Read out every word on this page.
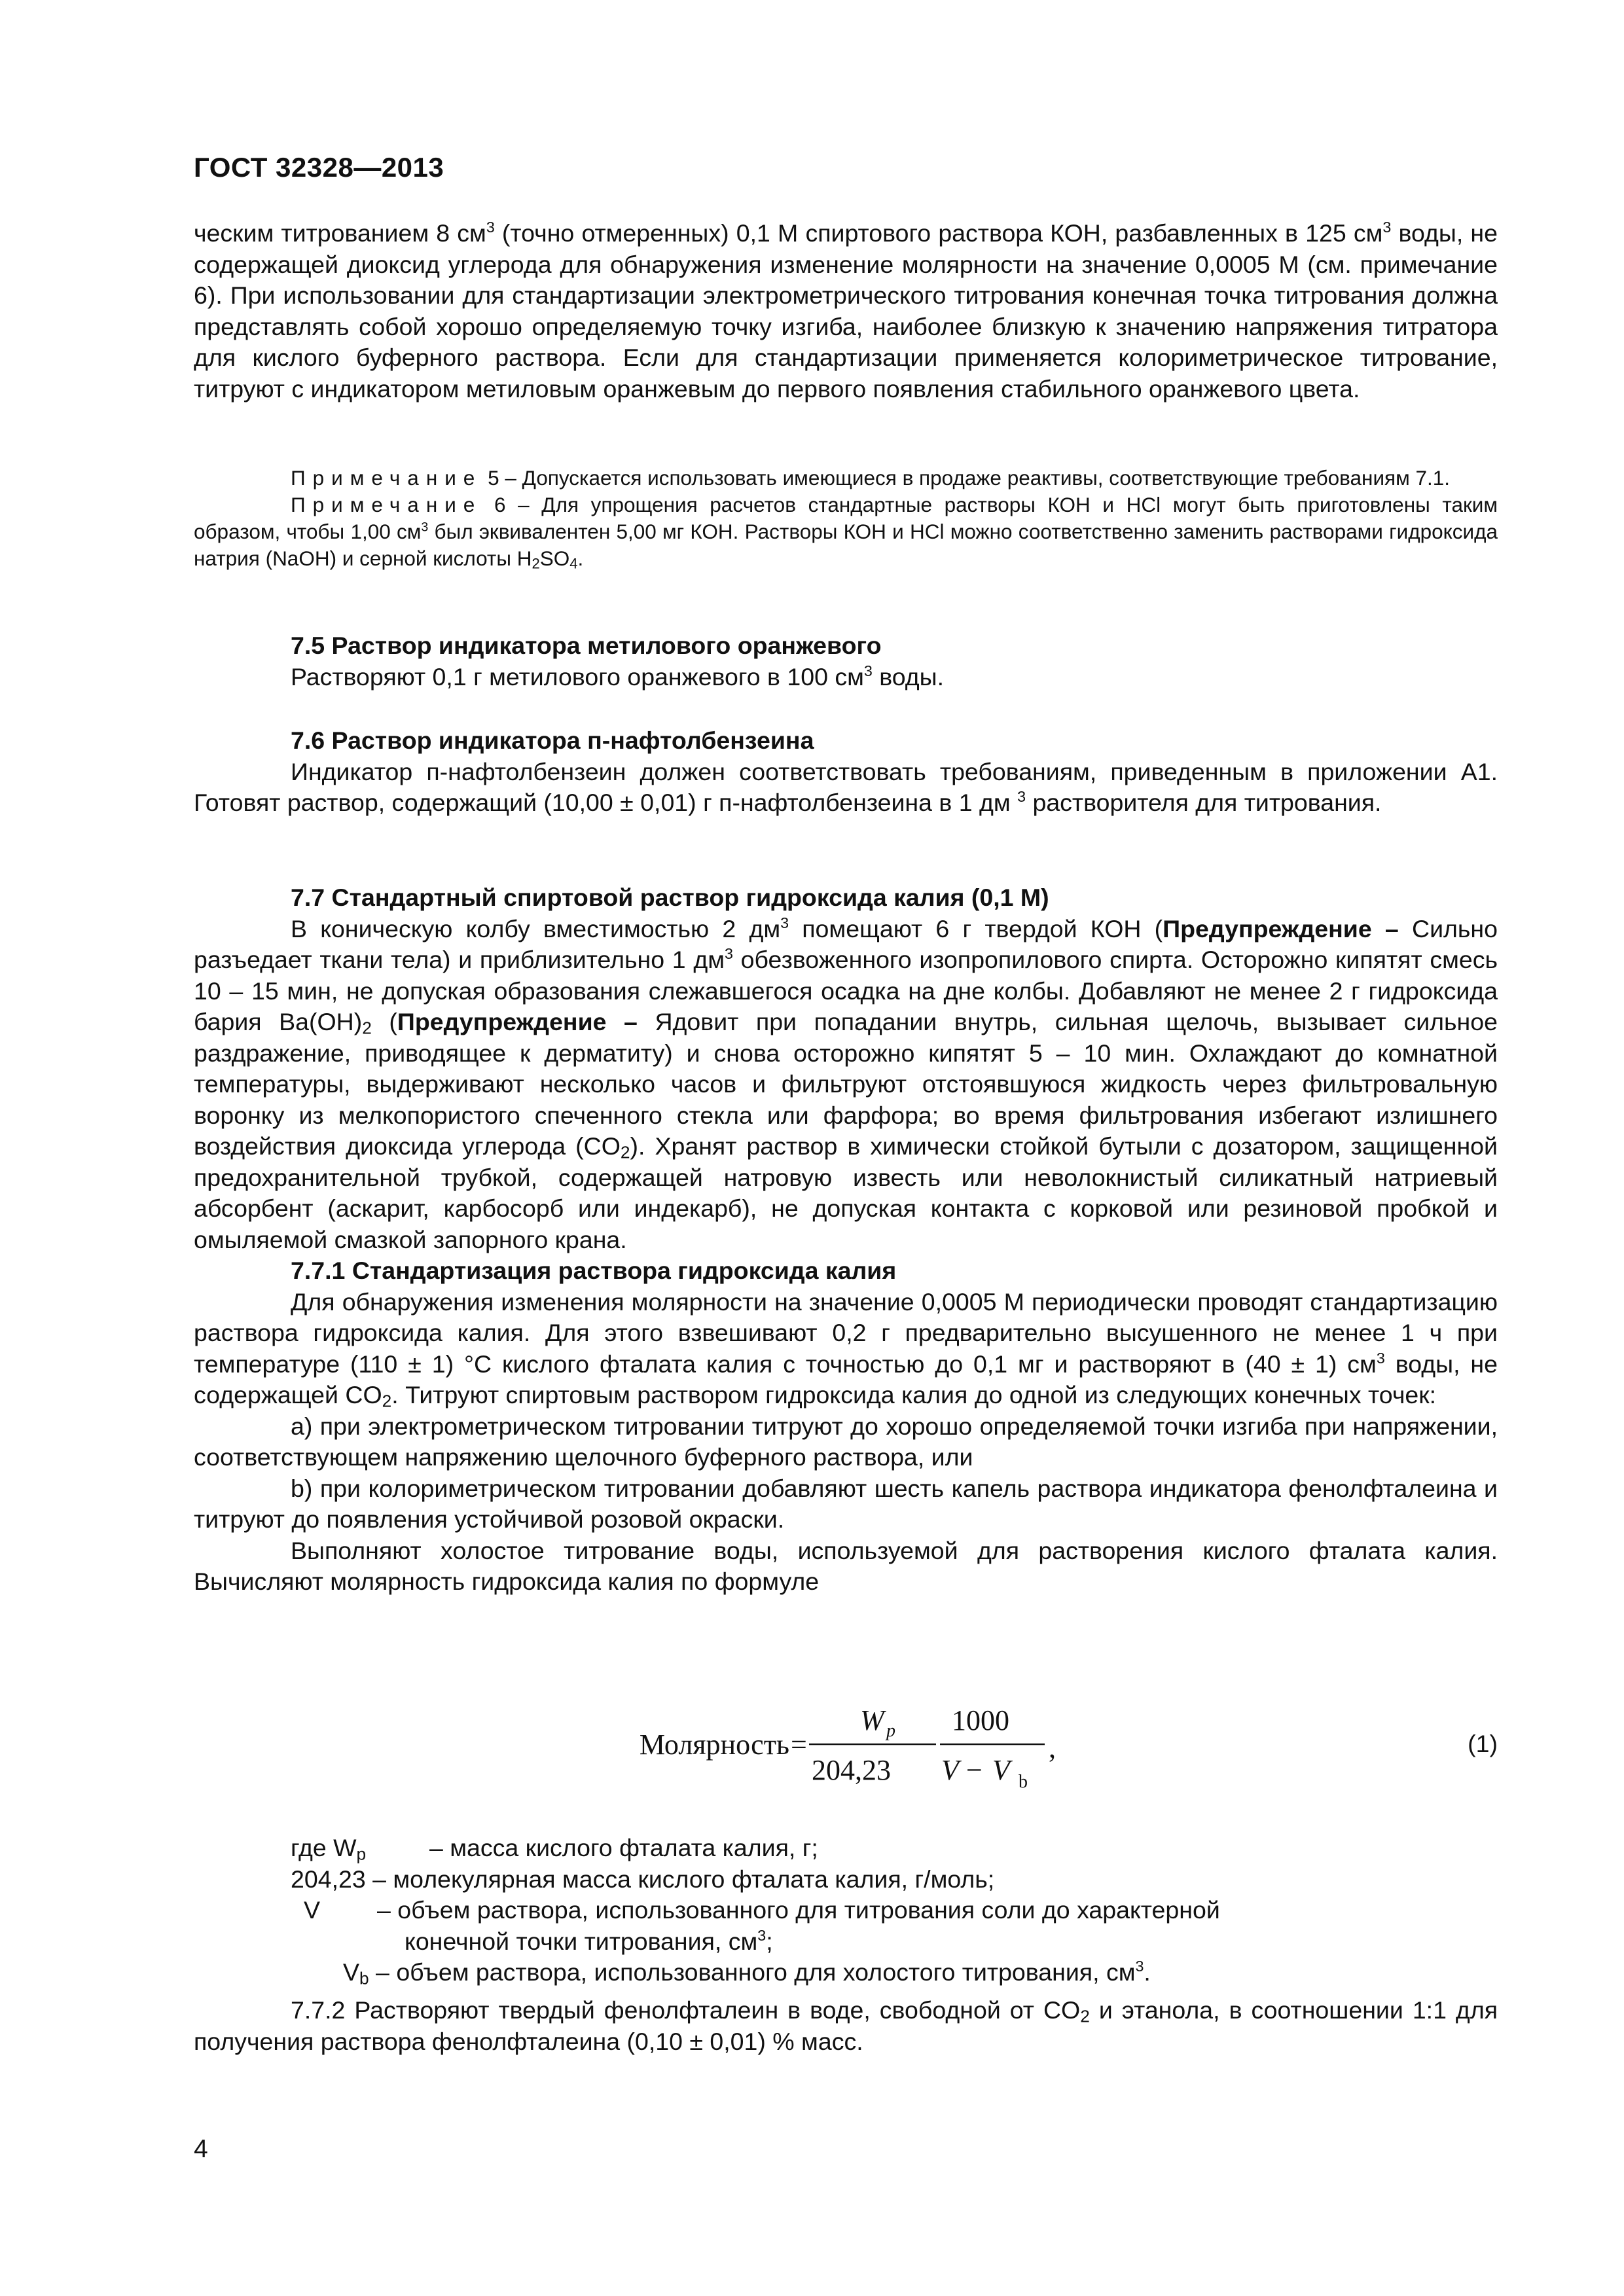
ГОСТ 32328—2013

ческим титрованием 8 $см^3$ (точно отмеренных) 0,1 М спиртового раствора КОН, разбавленных в 125 $см^3$ воды, не содержащей диоксид углерода для обнаружения изменение молярности на значение 0,0005 М (см. примечание 6). При использовании для стандартизации электрометрического титрования конечная точка титрования должна представлять собой хорошо определяемую точку изгиба, наиболее близкую к значению напряжения титратора для кислого буферного раствора. Если для стандартизации применяется колориметрическое титрование, титруют с индикатором метиловым оранжевым до первого появления стабильного оранжевого цвета.

Примечание 5 – Допускается использовать имеющиеся в продаже реактивы, соответствующие требованиям 7.1.

Примечание 6 – Для упрощения расчетов стандартные растворы КОН и НСl могут быть приготовлены таким образом, чтобы 1,00 $см^3$ был эквивалентен 5,00 мг КОН. Растворы КОН и НСl можно соответственно заменить растворами гидроксида натрия (NaOH) и серной кислоты $H_2SO_4$.

7.5 Раствор индикатора метилового оранжевого

Растворяют 0,1 г метилового оранжевого в 100 $см^3$ воды.

7.6 Раствор индикатора п-нафтолбензеина

Индикатор п-нафтолбензеин должен соответствовать требованиям, приведенным в приложении А1. Готовят раствор, содержащий (10,00 ± 0,01) г п-нафтолбензеина в 1 дм $^3$ растворителя для титрования.

7.7 Стандартный спиртовой раствор гидроксида калия (0,1 М)

В коническую колбу вместимостью 2 $дм^3$ помещают 6 г твердой КОН (Предупреждение – Сильно разъедает ткани тела) и приблизительно 1 $дм^3$ обезвоженного изопропилового спирта. Осторожно кипятят смесь 10 – 15 мин, не допуская образования слежавшегося осадка на дне колбы. Добавляют не менее 2 г гидроксида бария $Ba(OH)_2$ (Предупреждение – Ядовит при попадании внутрь, сильная щелочь, вызывает сильное раздражение, приводящее к дерматиту) и снова осторожно кипятят 5 – 10 мин. Охлаждают до комнатной температуры, выдерживают несколько часов и фильтруют отстоявшуюся жидкость через фильтровальную воронку из мелкопористого спеченного стекла или фарфора; во время фильтрования избегают излишнего воздействия диоксида углерода $(CO_2)$. Хранят раствор в химически стойкой бутыли с дозатором, защищенной предохранительной трубкой, содержащей натровую известь или неволокнистый силикатный натриевый абсорбент (аскарит, карбосорб или индекарб), не допуская контакта с корковой или резиновой пробкой и омыляемой смазкой запорного крана.

7.7.1 Стандартизация раствора гидроксида калия

Для обнаружения изменения молярности на значение 0,0005 М периодически проводят стандартизацию раствора гидроксида калия. Для этого взвешивают 0,2 г предварительно высушенного не менее 1 ч при температуре (110 ± 1) °С кислого фталата калия с точностью до 0,1 мг и растворяют в (40 ± 1) $см^3$ воды, не содержащей $CO_2$. Титруют спиртовым раствором гидроксида калия до одной из следующих конечных точек:

а) при электрометрическом титровании титруют до хорошо определяемой точки изгиба при напряжении, соответствующем напряжению щелочного буферного раствора, или

b) при колориметрическом титровании добавляют шесть капель раствора индикатора фенолфталеина и титруют до появления устойчивой розовой окраски.

Выполняют холостое титрование воды, используемой для растворения кислого фталата калия. Вычисляют молярность гидроксида калия по формуле

Молярность =
W p
204,23
1000
V − V b
,	(1)
где $W_p$	– масса кислого фталата калия, г;
204,23 – молекулярная масса кислого фталата калия, г/моль;
V – объем раствора, использованного для титрования соли до характерной
конечной точки титрования, $см^3$;
$V_b$ – объем раствора, использованного для холостого титрования, $см^3$.

7.7.2 Растворяют твердый фенолфталеин в воде, свободной от $CO_2$ и этанола, в соотношении 1:1 для получения раствора фенолфталеина (0,10 ± 0,01) % масс.

4
